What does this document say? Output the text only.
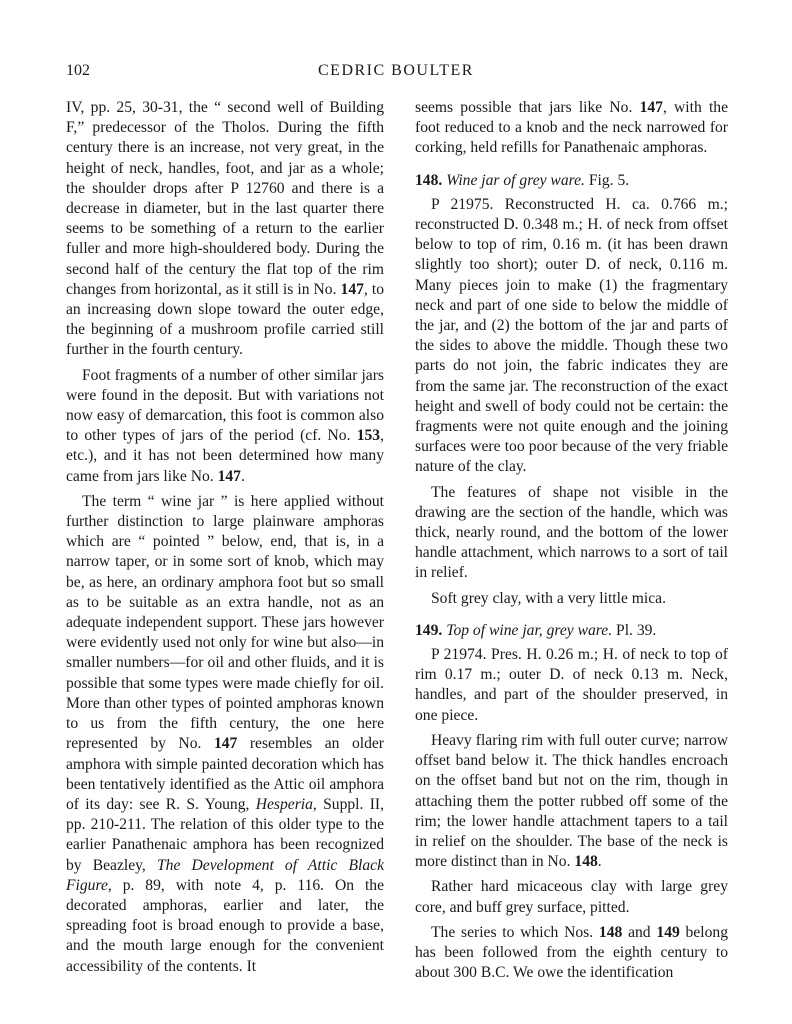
102	CEDRIC BOULTER

IV, pp. 25, 30-31, the “ second well of Building F,” predecessor of the Tholos. During the fifth century there is an increase, not very great, in the height of neck, handles, foot, and jar as a whole; the shoulder drops after P 12760 and there is a decrease in diameter, but in the last quarter there seems to be something of a return to the earlier fuller and more high-shouldered body. During the second half of the century the flat top of the rim changes from horizontal, as it still is in No. 147, to an increasing down slope toward the outer edge, the beginning of a mushroom profile carried still further in the fourth century.

Foot fragments of a number of other similar jars were found in the deposit. But with variations not now easy of demarcation, this foot is common also to other types of jars of the period (cf. No. 153, etc.), and it has not been determined how many came from jars like No. 147.

The term “ wine jar ” is here applied without further distinction to large plainware amphoras which are “ pointed ” below, end, that is, in a narrow taper, or in some sort of knob, which may be, as here, an ordinary amphora foot but so small as to be suitable as an extra handle, not as an adequate independent support. These jars however were evidently used not only for wine but also—in smaller numbers—for oil and other fluids, and it is possible that some types were made chiefly for oil. More than other types of pointed amphoras known to us from the fifth century, the one here represented by No. 147 resembles an older amphora with simple painted decoration which has been tentatively identified as the Attic oil amphora of its day: see R. S. Young, Hesperia, Suppl. II, pp. 210-211. The relation of this older type to the earlier Panathenaic amphora has been recognized by Beazley, The Development of Attic Black Figure, p. 89, with note 4, p. 116. On the decorated amphoras, earlier and later, the spreading foot is broad enough to provide a base, and the mouth large enough for the convenient accessibility of the contents. It

seems possible that jars like No. 147, with the foot reduced to a knob and the neck narrowed for corking, held refills for Panathenaic amphoras.

148. Wine jar of grey ware. Fig. 5.

P 21975. Reconstructed H. ca. 0.766 m.; reconstructed D. 0.348 m.; H. of neck from offset below to top of rim, 0.16 m. (it has been drawn slightly too short); outer D. of neck, 0.116 m. Many pieces join to make (1) the fragmentary neck and part of one side to below the middle of the jar, and (2) the bottom of the jar and parts of the sides to above the middle. Though these two parts do not join, the fabric indicates they are from the same jar. The reconstruction of the exact height and swell of body could not be certain: the fragments were not quite enough and the joining surfaces were too poor because of the very friable nature of the clay.

The features of shape not visible in the drawing are the section of the handle, which was thick, nearly round, and the bottom of the lower handle attachment, which narrows to a sort of tail in relief.

Soft grey clay, with a very little mica.

149. Top of wine jar, grey ware. Pl. 39.

P 21974. Pres. H. 0.26 m.; H. of neck to top of rim 0.17 m.; outer D. of neck 0.13 m. Neck, handles, and part of the shoulder preserved, in one piece.

Heavy flaring rim with full outer curve; narrow offset band below it. The thick handles encroach on the offset band but not on the rim, though in attaching them the potter rubbed off some of the rim; the lower handle attachment tapers to a tail in relief on the shoulder. The base of the neck is more distinct than in No. 148.

Rather hard micaceous clay with large grey core, and buff grey surface, pitted.

The series to which Nos. 148 and 149 belong has been followed from the eighth century to about 300 B.C. We owe the identification
